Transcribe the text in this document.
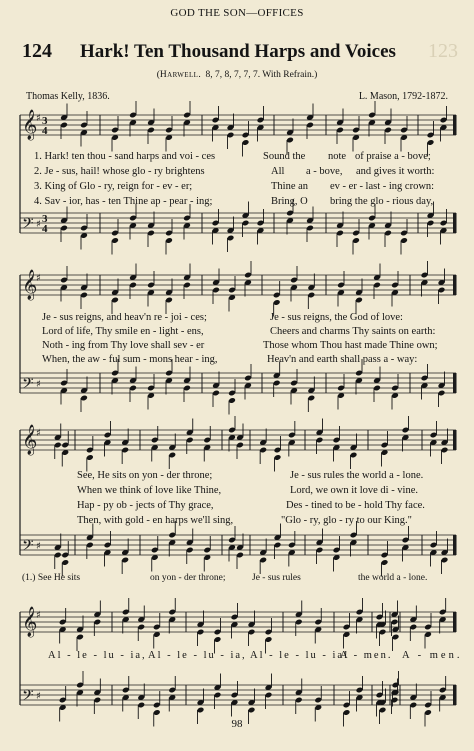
GOD THE SON—OFFICES
123
124 Hark! Ten Thousand Harps and Voices
(Harwell.  8, 7, 8, 7, 7, 7. With Refrain.)
Thomas Kelly, 1836.	L. Mason, 1792-1872.
𝄞
♯
𝄢 ♯
𝄞
♯
𝄢 ♯
𝄞
♯
𝄢 ♯
𝄞
♯
𝄢 ♯
3
4
3
4
1. Hark! ten thou - sand harps and voi - ces	Sound the note of praise a - bove;
2. Je - sus, hail! whose glo - ry brightens	All a - bove, and gives it worth:
3. King of Glo - ry, reign for - ev - er;	Thine an ev - er - last - ing crown:
4. Sav - ior, has - ten Thine ap - pear - ing;	Bring, O bring the glo - rious day,
Je - sus reigns, and heav'n re - joi - ces;	Je - sus reigns, the God of love:
Lord of life, Thy smile en - light - ens,	Cheers and charms Thy saints on earth:
Noth - ing from Thy love shall sev - er	Those whom Thou hast made Thine own;
When, the aw - ful sum - mons hear - ing,	Heav'n and earth shall pass a - way:
See, He sits on yon - der throne;	Je - sus rules the world a - lone.
When we think of love like Thine,	Lord, we own it love di - vine.
Hap - py ob - jects of Thy grace,	Des - tined to be - hold Thy face.
Then, with gold - en harps we'll sing,	"Glo - ry, glo - ry to our King."
(1.) See He sits	on yon - der throne;	Je - sus rules	the world a - lone.
Al - le - lu - ia, Al - le - lu - ia, Al - le - lu - ia!
A - men. A - men.
98
